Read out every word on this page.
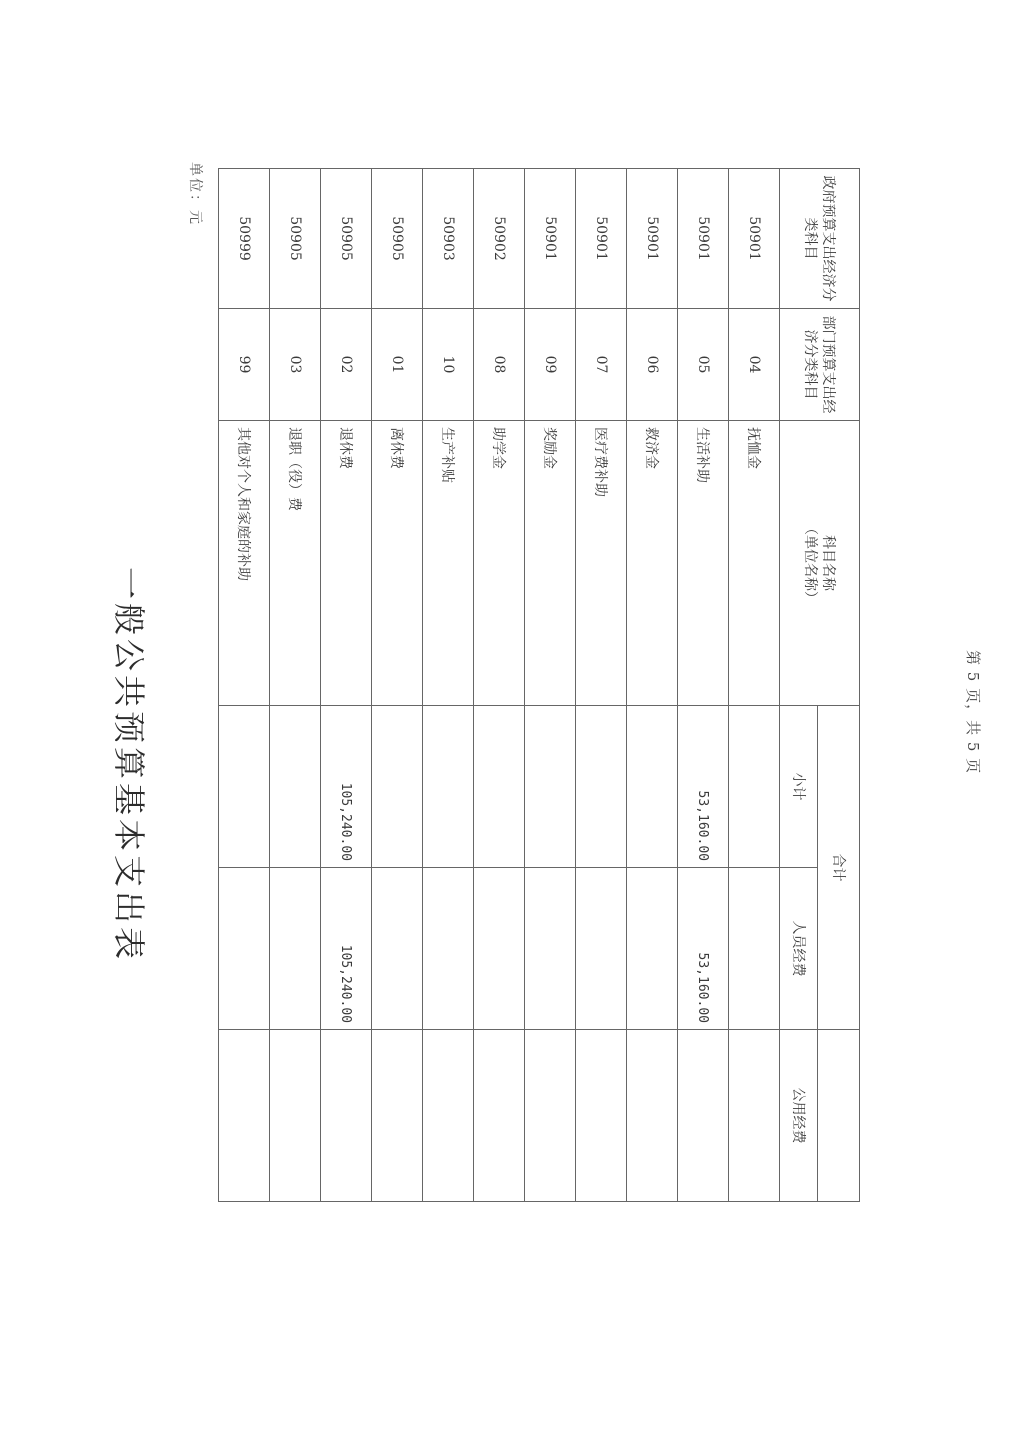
一般公共预算基本支出表
单位：元	政府预算支出经济分类科目	部门预算支出经济分类科目	科目名称
（单位名称）	合计		
			小计	人员经费	公用经费
50901	04	抚恤金			
50901	05	生活补助	53,160.00	53,160.00	
50901	06	救济金			
50901	07	医疗费补助			
50901	09	奖励金			
50902	08	助学金			
50903	10	生产补贴			
50905	01	离休费			
50905	02	退休费	105,240.00	105,240.00	
50905	03	退职（役）费			
50999	99	其他对个人和家庭的补助			
第 5 页，共 5 页
